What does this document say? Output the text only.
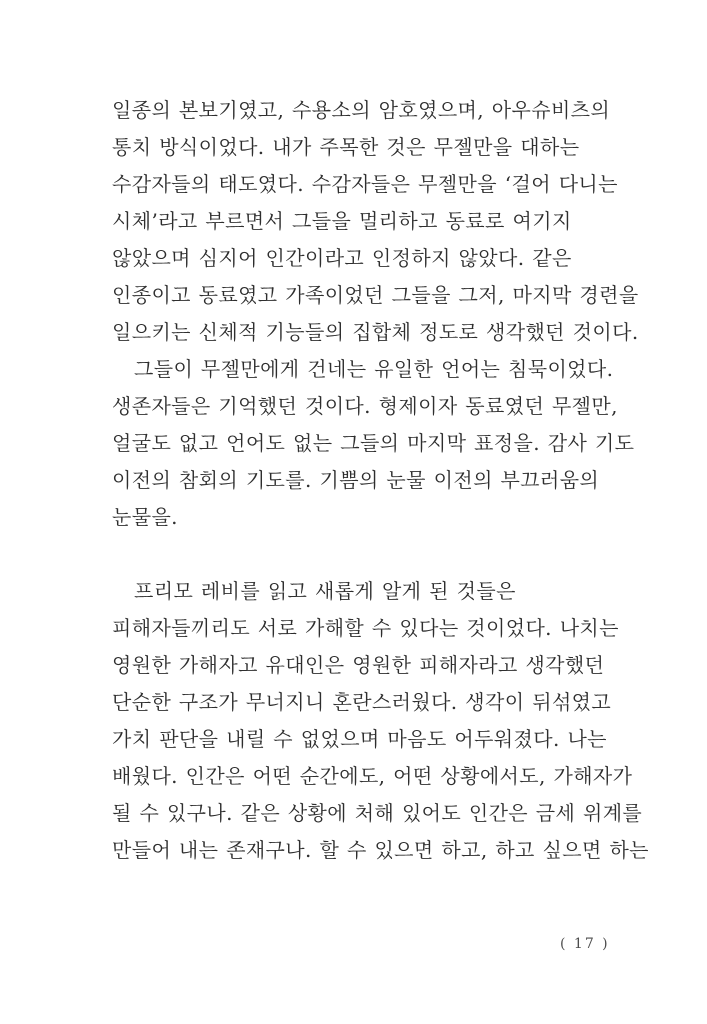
일종의 본보기였고, 수용소의 암호였으며, 아우슈비츠의
통치 방식이었다. 내가 주목한 것은 무젤만을 대하는
수감자들의 태도였다. 수감자들은 무젤만을 ‘걸어 다니는
시체’라고 부르면서 그들을 멀리하고 동료로 여기지
않았으며 심지어 인간이라고 인정하지 않았다. 같은
인종이고 동료였고 가족이었던 그들을 그저, 마지막 경련을
일으키는 신체적 기능들의 집합체 정도로 생각했던 것이다.
그들이 무젤만에게 건네는 유일한 언어는 침묵이었다.
생존자들은 기억했던 것이다. 형제이자 동료였던 무젤만,
얼굴도 없고 언어도 없는 그들의 마지막 표정을. 감사 기도
이전의 참회의 기도를. 기쁨의 눈물 이전의 부끄러움의
눈물을.
프리모 레비를 읽고 새롭게 알게 된 것들은
피해자들끼리도 서로 가해할 수 있다는 것이었다. 나치는
영원한 가해자고 유대인은 영원한 피해자라고 생각했던
단순한 구조가 무너지니 혼란스러웠다. 생각이 뒤섞였고
가치 판단을 내릴 수 없었으며 마음도 어두워졌다. 나는
배웠다. 인간은 어떤 순간에도, 어떤 상황에서도, 가해자가
될 수 있구나. 같은 상황에 처해 있어도 인간은 금세 위계를
만들어 내는 존재구나. 할 수 있으면 하고, 하고 싶으면 하는
( 17 )
